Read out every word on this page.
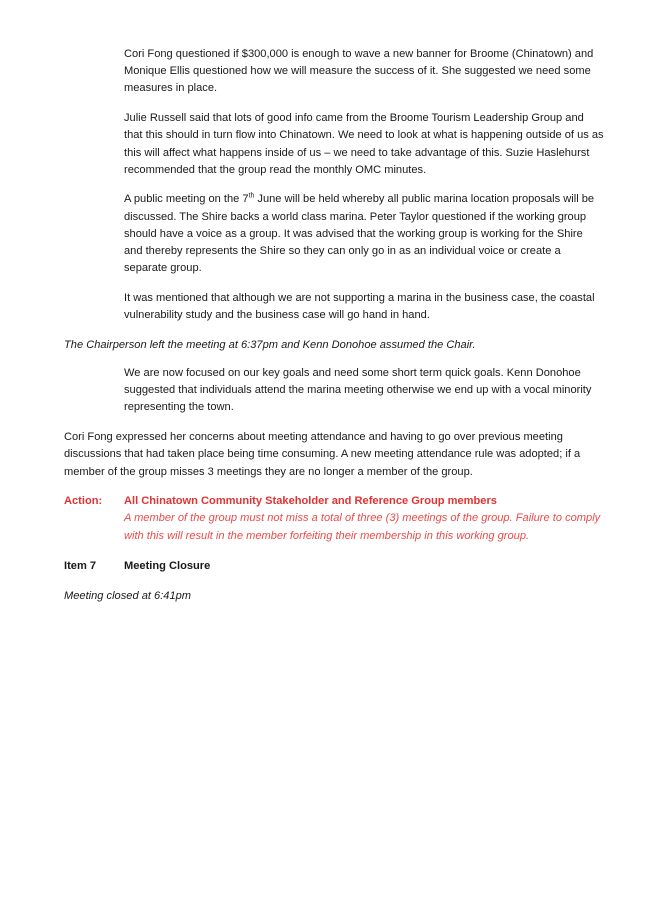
Cori Fong questioned if $300,000 is enough to wave a new banner for Broome (Chinatown) and Monique Ellis questioned how we will measure the success of it. She suggested we need some measures in place.

Julie Russell said that lots of good info came from the Broome Tourism Leadership Group and that this should in turn flow into Chinatown. We need to look at what is happening outside of us as this will affect what happens inside of us – we need to take advantage of this. Suzie Haslehurst recommended that the group read the monthly OMC minutes.

A public meeting on the 7th June will be held whereby all public marina location proposals will be discussed. The Shire backs a world class marina. Peter Taylor questioned if the working group should have a voice as a group. It was advised that the working group is working for the Shire and thereby represents the Shire so they can only go in as an individual voice or create a separate group.

It was mentioned that although we are not supporting a marina in the business case, the coastal vulnerability study and the business case will go hand in hand.

The Chairperson left the meeting at 6:37pm and Kenn Donohoe assumed the Chair.

We are now focused on our key goals and need some short term quick goals. Kenn Donohoe suggested that individuals attend the marina meeting otherwise we end up with a vocal minority representing the town.

Cori Fong expressed her concerns about meeting attendance and having to go over previous meeting discussions that had taken place being time consuming. A new meeting attendance rule was adopted; if a member of the group misses 3 meetings they are no longer a member of the group.

Action:	All Chinatown Community Stakeholder and Reference Group members
A member of the group must not miss a total of three (3) meetings of the group. Failure to comply with this will result in the member forfeiting their membership in this working group.
Item 7	Meeting Closure

Meeting closed at 6:41pm
